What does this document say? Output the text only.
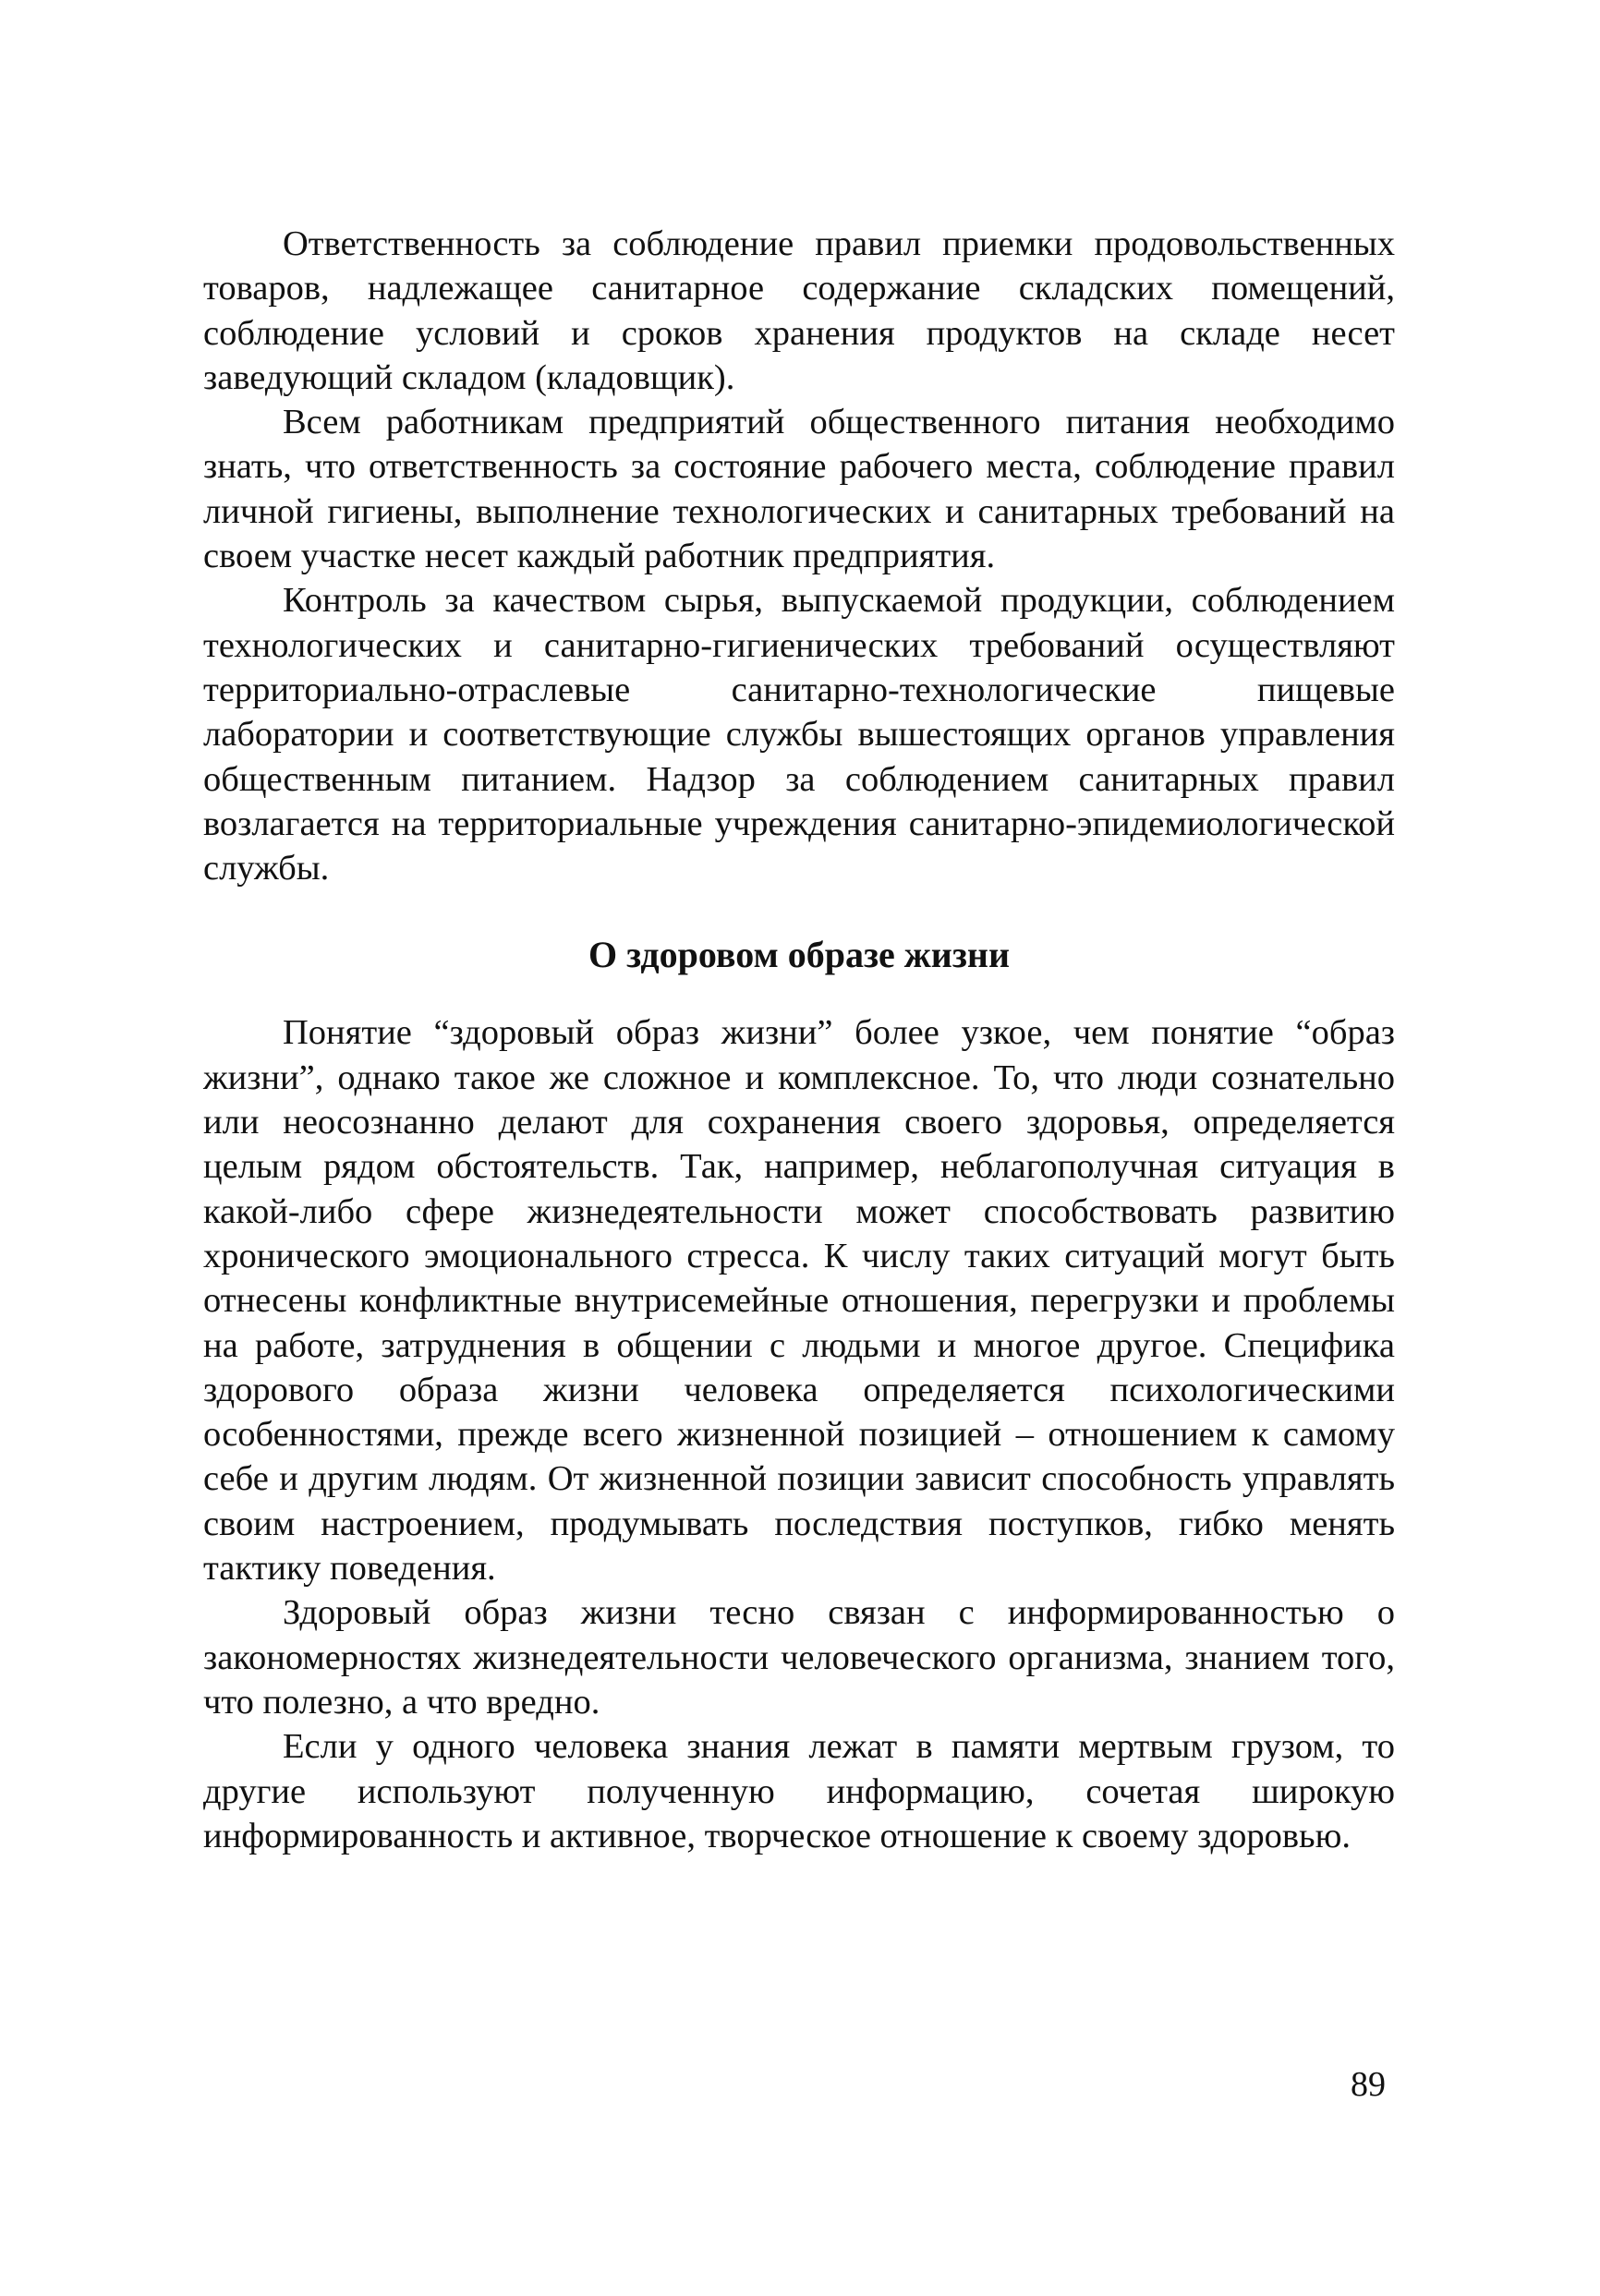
Ответственность за соблюдение правил приемки продовольственных товаров, надлежащее санитарное содержание складских помещений, соблюдение условий и сроков хранения продуктов на складе несет заведующий складом (кладовщик).

Всем работникам предприятий общественного питания необходимо знать, что ответственность за состояние рабочего места, соблюдение правил личной гигиены, выполнение технологических и санитарных требований на своем участке несет каждый работник предприятия.

Контроль за качеством сырья, выпускаемой продукции, соблюдением технологических и санитарно-гигиенических требований осуществляют территориально-отраслевые санитарно-технологические пищевые лаборатории и соответствующие службы вышестоящих органов управления общественным питанием. Надзор за соблюдением санитарных правил возлагается на территориальные учреждения санитарно-эпидемиологической службы.

О здоровом образе жизни

Понятие “здоровый образ жизни” более узкое, чем понятие “образ жизни”, однако такое же сложное и комплексное. То, что люди сознательно или неосознанно делают для сохранения своего здоровья, определяется целым рядом обстоятельств. Так, например, неблагополучная ситуация в какой-либо сфере жизнедеятельности может способствовать развитию хронического эмоционального стресса. К числу таких ситуаций могут быть отнесены конфликтные внутрисемейные отношения, перегрузки и проблемы на работе, затруднения в общении с людьми и многое другое. Специфика здорового образа жизни человека определяется психологическими особенностями, прежде всего жизненной позицией – отношением к самому себе и другим людям. От жизненной позиции зависит способность управлять своим настроением, продумывать последствия поступков, гибко менять тактику поведения.

Здоровый образ жизни тесно связан с информированностью о закономерностях жизнедеятельности человеческого организма, знанием того, что полезно, а что вредно.

Если у одного человека знания лежат в памяти мертвым грузом, то другие используют полученную информацию, сочетая широкую информированность и активное, творческое отношение к своему здоровью.

89
